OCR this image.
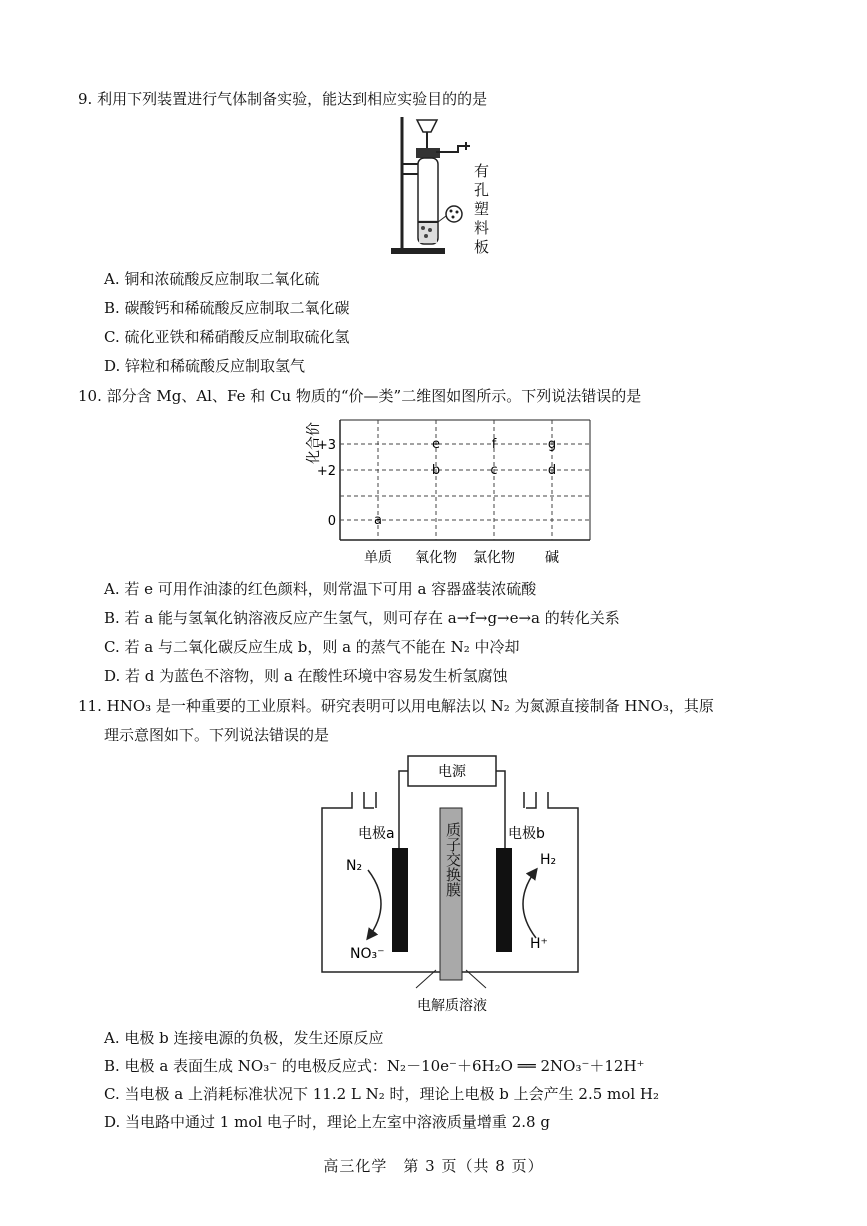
9. 利用下列装置进行气体制备实验，能达到相应实验目的的是
有
孔
塑
料
板
A. 铜和浓硫酸反应制取二氧化硫
B. 碳酸钙和稀硫酸反应制取二氧化碳
C. 硫化亚铁和稀硝酸反应制取硫化氢
D. 锌粒和稀硫酸反应制取氢气
10. 部分含 Mg、Al、Fe 和 Cu 物质的“价—类”二维图如图所示。下列说法错误的是
化合价
+3
+2
0	a
b	c	d
e	f	g
单质 氧化物 氯化物 碱
A. 若 e 可用作油漆的红色颜料，则常温下可用 a 容器盛装浓硫酸
B. 若 a 能与氢氧化钠溶液反应产生氢气，则可存在 a→f→g→e→a 的转化关系
C. 若 a 与二氧化碳反应生成 b，则 a 的蒸气不能在 N₂ 中冷却
D. 若 d 为蓝色不溶物，则 a 在酸性环境中容易发生析氢腐蚀
11. HNO₃ 是一种重要的工业原料。研究表明可以用电解法以 N₂ 为氮源直接制备 HNO₃，其原
理示意图如下。下列说法错误的是
电源
电极a	电极b
N₂
NO₃⁻
H₂
H⁺
电解质溶液
质子交换膜
A. 电极 b 连接电源的负极，发生还原反应
B. 电极 a 表面生成 NO₃⁻ 的电极反应式：N₂－10e⁻＋6H₂O ══ 2NO₃⁻＋12H⁺
C. 当电极 a 上消耗标准状况下 11.2 L N₂ 时，理论上电极 b 上会产生 2.5 mol H₂
D. 当电路中通过 1 mol 电子时，理论上左室中溶液质量增重 2.8 g
高三化学　第 3 页（共 8 页）
